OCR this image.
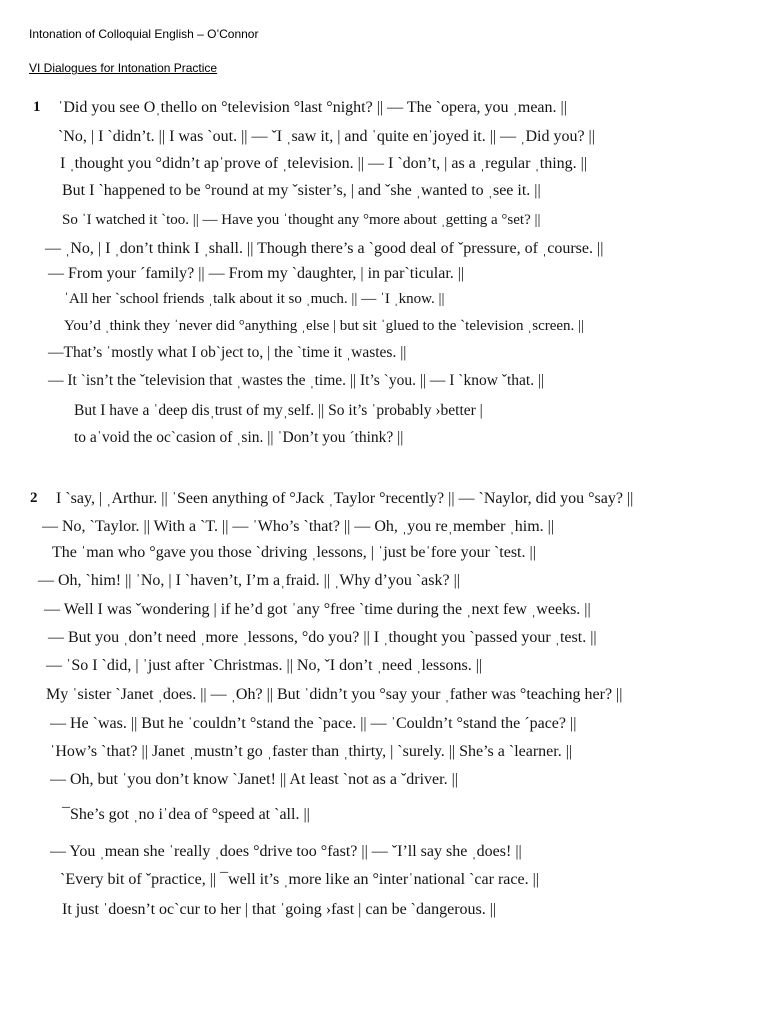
Intonation of Colloquial English – O’Connor
VI Dialogues for Intonation Practice
1 ˈDid you see Oˌthello on °television °last °night? || — The ˋopera, you ˌmean. ||
ˋNo, | I ˋdidn’t. || I was ˋout. || — ˇI ˌsaw it, | and ˈquite enˈjoyed it. || — ˌDid you? ||
I ˌthought you °didn’t apˈprove of ˌtelevision. || — I ˋdon’t, | as a ˌregular ˌthing. ||
But I ˋhappened to be °round at my ˇsister’s, | and ˇshe ˌwanted to ˌsee it. ||
So ˈI watched it ˋtoo. || — Have you ˈthought any °more about ˌgetting a °set? ||
— ˌNo, | I ˌdon’t think I ˌshall. || Though there’s a ˋgood deal of ˇpressure, of ˌcourse. ||
— From your ˊfamily? || — From my ˋdaughter, | in parˋticular. ||
ˈAll her ˋschool friends ˌtalk about it so ˌmuch. || — ˈI ˌknow. ||
You’d ˌthink they ˈnever did °anything ˌelse | but sit ˈglued to the ˋtelevision ˌscreen. ||
—That’s ˈmostly what I obˋject to, | the ˋtime it ˌwastes. ||
— It ˋisn’t the ˇtelevision that ˌwastes the ˌtime. || It’s ˋyou. || — I ˋknow ˇthat. ||
But I have a ˈdeep disˌtrust of myˌself. || So it’s ˈprobably ›better |
to aˈvoid the ocˋcasion of ˌsin. || ˈDon’t you ˊthink? ||
2 I ˋsay, | ˌArthur. || ˈSeen anything of °Jack ˌTaylor °recently? || — ˋNaylor, did you °say? ||
— No, ˋTaylor. || With a ˋT. || — ˈWho’s ˋthat? || — Oh, ˌyou reˌmember ˌhim. ||
The ˈman who °gave you those ˋdriving ˌlessons, | ˈjust beˈfore your ˋtest. ||
— Oh, ˋhim! || ˈNo, | I ˋhaven’t, I’m aˌfraid. || ˌWhy d’you ˋask? ||
— Well I was ˇwondering | if he’d got ˈany °free ˋtime during the ˌnext few ˌweeks. ||
— But you ˌdon’t need ˌmore ˌlessons, °do you? || I ˌthought you ˋpassed your ˌtest. ||
— ˈSo I ˋdid, | ˈjust after ˋChristmas. || No, ˇI don’t ˌneed ˌlessons. ||
My ˈsister ˋJanet ˌdoes. || — ˌOh? || But ˈdidn’t you °say your ˌfather was °teaching her? ||
— He ˋwas. || But he ˈcouldn’t °stand the ˋpace. || — ˈCouldn’t °stand the ˊpace? ||
ˈHow’s ˋthat? || Janet ˌmustn’t go ˌfaster than ˌthirty, | ˋsurely. || She’s a ˋlearner. ||
— Oh, but ˈyou don’t know ˋJanet! || At least ˋnot as a ˇdriver. ||
¯She’s got ˌno iˈdea of °speed at ˋall. ||
— You ˌmean she ˈreally ˌdoes °drive too °fast? || — ˇI’ll say she ˌdoes! ||
ˋEvery bit of ˇpractice, || ¯well it’s ˌmore like an °interˈnational ˋcar race. ||
It just ˈdoesn’t ocˋcur to her | that ˈgoing ›fast | can be ˋdangerous. ||
